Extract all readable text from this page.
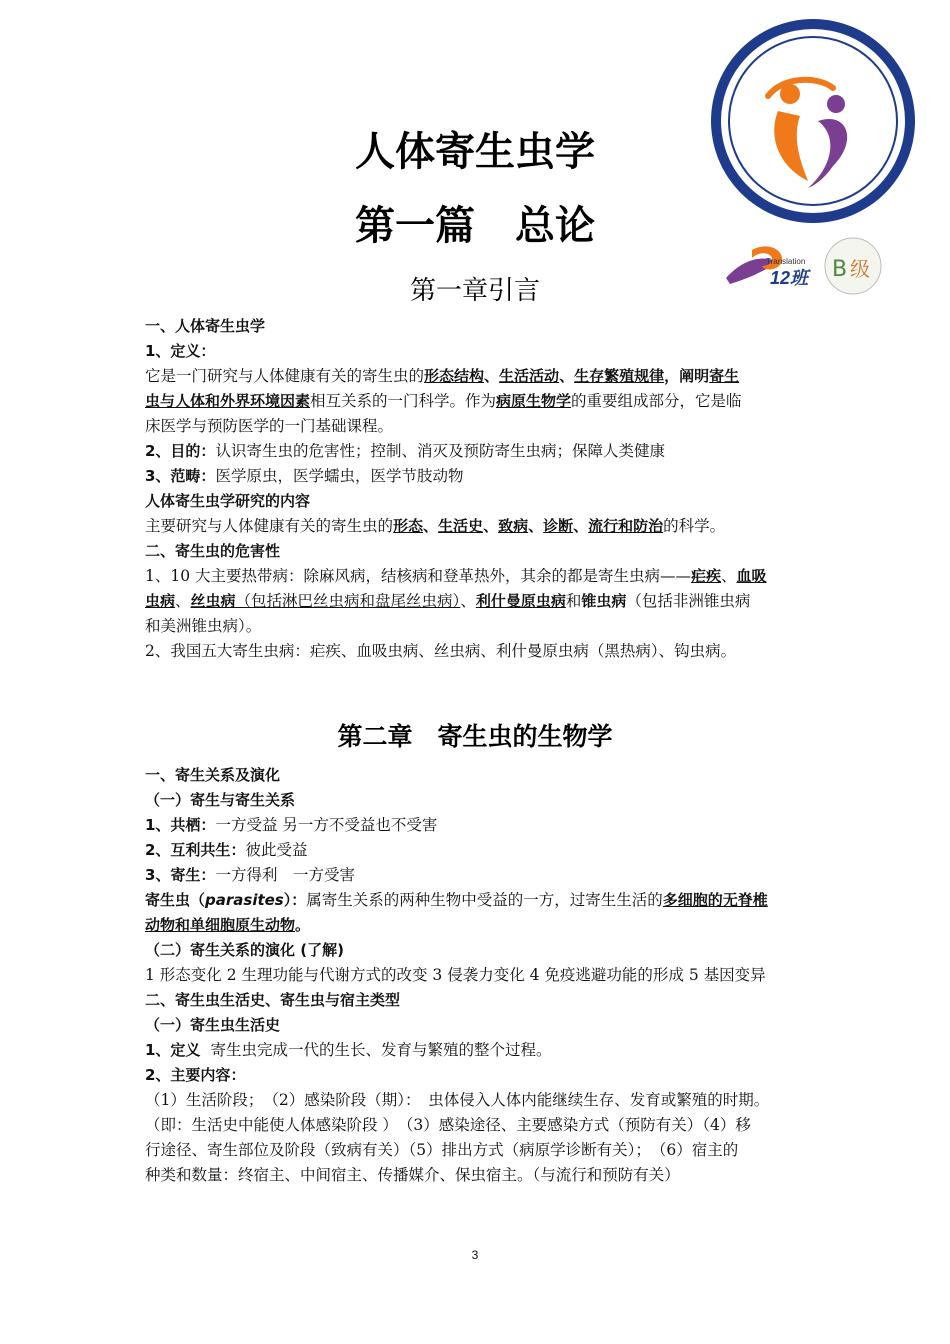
Translation
12班 B 级
人体寄生虫学
第一篇　总论
第一章引言
一、人体寄生虫学
1、定义：
它是一门研究与人体健康有关的寄生虫的形态结构、生活活动、生存繁殖规律，阐明寄生
虫与人体和外界环境因素相互关系的一门科学。作为病原生物学的重要组成部分，它是临
床医学与预防医学的一门基础课程。
2、目的：认识寄生虫的危害性；控制、消灭及预防寄生虫病；保障人类健康
3、范畴：医学原虫，医学蠕虫，医学节肢动物
人体寄生虫学研究的内容
主要研究与人体健康有关的寄生虫的形态、生活史、致病、诊断、流行和防治的科学。
二、寄生虫的危害性
1、10 大主要热带病：除麻风病，结核病和登革热外，其余的都是寄生虫病——疟疾、血吸
虫病、丝虫病（包括淋巴丝虫病和盘尾丝虫病）、利什曼原虫病和锥虫病（包括非洲锥虫病
和美洲锥虫病）。
2、我国五大寄生虫病：疟疾、血吸虫病、丝虫病、利什曼原虫病（黑热病）、钩虫病。
第二章　寄生虫的生物学
一、寄生关系及演化
（一）寄生与寄生关系
1、共栖：一方受益 另一方不受益也不受害
2、互利共生：彼此受益
3、寄生：一方得利　一方受害
寄生虫（parasites）：属寄生关系的两种生物中受益的一方，过寄生生活的多细胞的无脊椎
动物和单细胞原生动物。
（二）寄生关系的演化 (了解)
1 形态变化 2 生理功能与代谢方式的改变 3 侵袭力变化 4 免疫逃避功能的形成 5 基因变异
二、寄生虫生活史、寄生虫与宿主类型
（一）寄生虫生活史
1、定义 寄生虫完成一代的生长、发育与繁殖的整个过程。
2、主要内容：
（1）生活阶段；　（2）感染阶段（期）：　虫体侵入人体内能继续生存、发育或繁殖的时期。
（即：生活史中能使人体感染阶段 ）　（3）感染途径、主要感染方式（预防有关）（4）移
行途径、寄生部位及阶段（致病有关）（5）排出方式（病原学诊断有关）；　（6）宿主的
种类和数量：终宿主、中间宿主、传播媒介、保虫宿主。（与流行和预防有关）
3
